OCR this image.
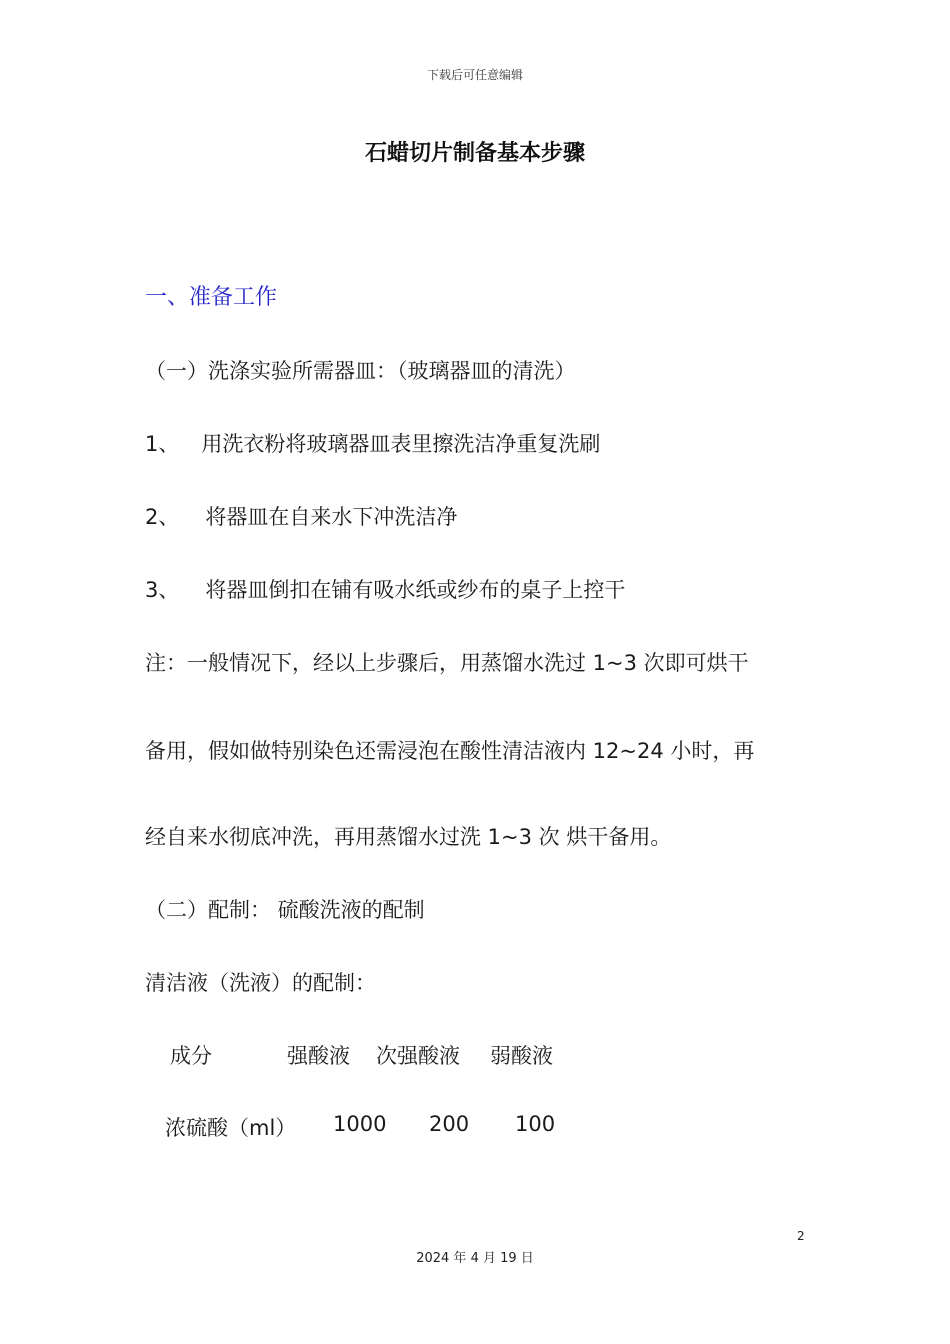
下载后可任意编辑
石蜡切片制备基本步骤
一、准备工作
（一）洗涤实验所需器皿：（玻璃器皿的清洗）
1、 用洗衣粉将玻璃器皿表里擦洗洁净重复洗刷
2、 将器皿在自来水下冲洗洁净
3、 将器皿倒扣在铺有吸水纸或纱布的桌子上控干
注：一般情况下，经以上步骤后，用蒸馏水洗过 1~3 次即可烘干
备用，假如做特别染色还需浸泡在酸性清洁液内 12~24 小时，再
经自来水彻底冲洗，再用蒸馏水过洗 1~3 次 烘干备用。
（二）配制： 硫酸洗液的配制
清洁液（洗液）的配制：
成分	强酸液 次强酸液 弱酸液
浓硫酸（ml） 1000 200 100
2
2024 年 4 月 19 日
